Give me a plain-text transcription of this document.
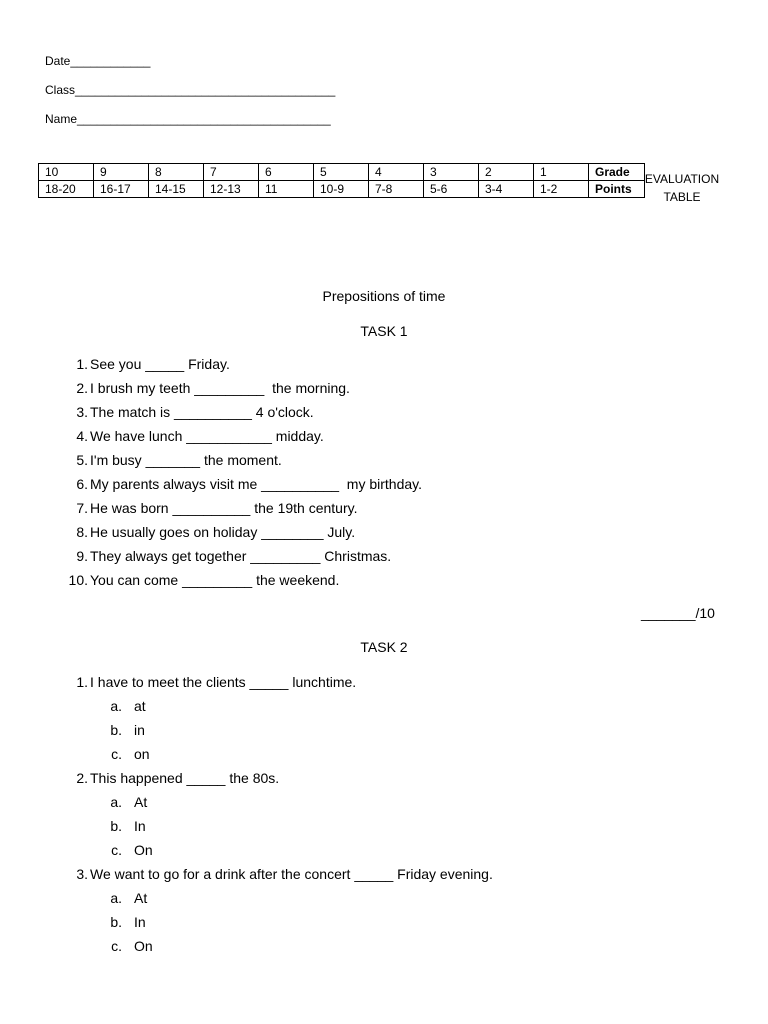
Date____________
Class_______________________________________
Name______________________________________
10	9	8	7	6	5	4	3	2	1	Grade
18-20	16-17	14-15	12-13	11	10-9	7-8	5-6	3-4	1-2	Points
EVALUATION
TABLE
Prepositions of time
TASK 1
1. See you _____ Friday.
2. I brush my teeth _________  the morning.
3. The match is __________ 4 o'clock.
4. We have lunch ___________ midday.
5. I'm busy _______ the moment.
6. My parents always visit me __________  my birthday.
7. He was born __________ the 19th century.
8. He usually goes on holiday ________ July.
9. They always get together _________ Christmas.
10. You can come _________ the weekend.
_______/10
TASK 2
1. I have to meet the clients _____ lunchtime.
a. at
b. in
c. on
2. This happened _____ the 80s.
a. At
b. In
c. On
3. We want to go for a drink after the concert _____ Friday evening.
a. At
b. In
c. On
